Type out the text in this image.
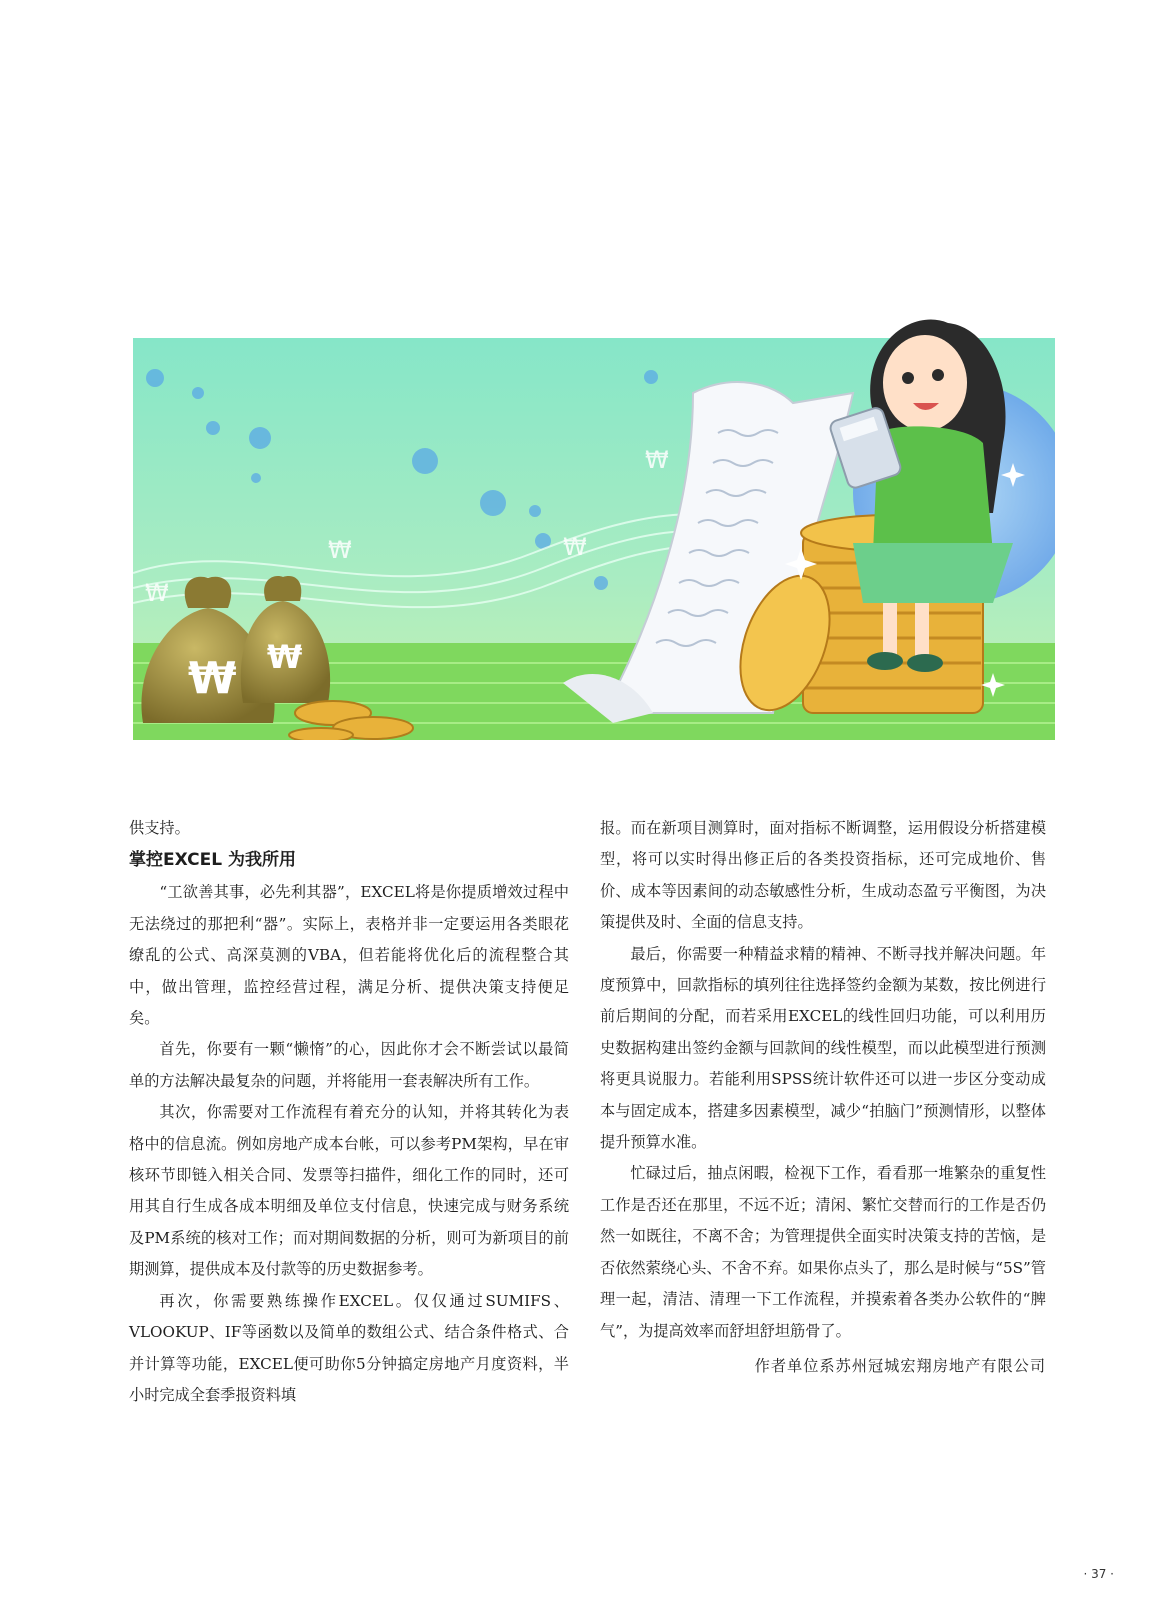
₩
₩	₩
₩
₩ ₩

供支持。

掌控EXCEL 为我所用

“工欲善其事，必先利其器”，EXCEL将是你提质增效过程中无法绕过的那把利“器”。实际上，表格并非一定要运用各类眼花缭乱的公式、高深莫测的VBA，但若能将优化后的流程整合其中，做出管理，监控经营过程，满足分析、提供决策支持便足矣。

首先，你要有一颗“懒惰”的心，因此你才会不断尝试以最简单的方法解决最复杂的问题，并将能用一套表解决所有工作。

其次，你需要对工作流程有着充分的认知，并将其转化为表格中的信息流。例如房地产成本台帐，可以参考PM架构，早在审核环节即链入相关合同、发票等扫描件，细化工作的同时，还可用其自行生成各成本明细及单位支付信息，快速完成与财务系统及PM系统的核对工作；而对期间数据的分析，则可为新项目的前期测算，提供成本及付款等的历史数据参考。

再次，你需要熟练操作EXCEL。仅仅通过SUMIFS、VLOOKUP、IF等函数以及简单的数组公式、结合条件格式、合并计算等功能，EXCEL便可助你5分钟搞定房地产月度资料，半小时完成全套季报资料填

报。而在新项目测算时，面对指标不断调整，运用假设分析搭建模型，将可以实时得出修正后的各类投资指标，还可完成地价、售价、成本等因素间的动态敏感性分析，生成动态盈亏平衡图，为决策提供及时、全面的信息支持。

最后，你需要一种精益求精的精神、不断寻找并解决问题。年度预算中，回款指标的填列往往选择签约金额为某数，按比例进行前后期间的分配，而若采用EXCEL的线性回归功能，可以利用历史数据构建出签约金额与回款间的线性模型，而以此模型进行预测将更具说服力。若能利用SPSS统计软件还可以进一步区分变动成本与固定成本，搭建多因素模型，减少“拍脑门”预测情形，以整体提升预算水准。

忙碌过后，抽点闲暇，检视下工作，看看那一堆繁杂的重复性工作是否还在那里，不远不近；清闲、繁忙交替而行的工作是否仍然一如既往，不离不舍；为管理提供全面实时决策支持的苦恼，是否依然萦绕心头、不舍不弃。如果你点头了，那么是时候与“5S”管理一起，清洁、清理一下工作流程，并摸索着各类办公软件的“脾气”，为提高效率而舒坦舒坦筋骨了。

作者单位系苏州冠城宏翔房地产有限公司

· 37 ·
